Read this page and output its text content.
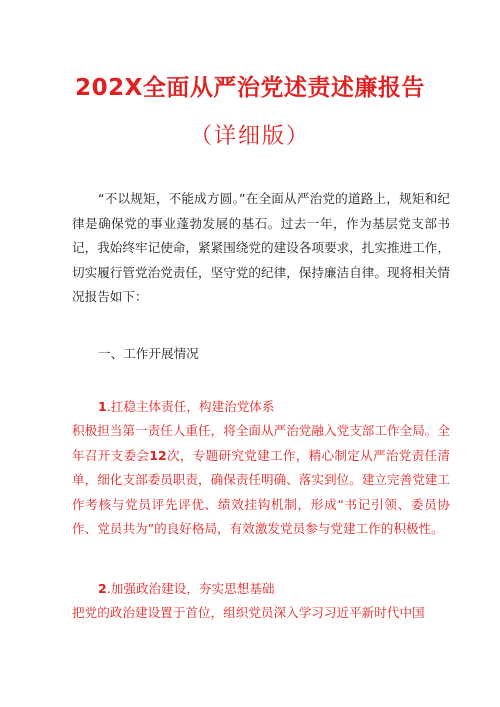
202X全面从严治党述责述廉报告
（详细版）

“不以规矩，不能成方圆。”在全面从严治党的道路上，规矩和纪律是确保党的事业蓬勃发展的基石。过去一年，作为基层党支部书记，我始终牢记使命，紧紧围绕党的建设各项要求，扎实推进工作，切实履行管党治党责任，坚守党的纪律，保持廉洁自律。现将相关情况报告如下：

一、工作开展情况

1.扛稳主体责任，构建治党体系

积极担当第一责任人重任，将全面从严治党融入党支部工作全局。全年召开支委会12次，专题研究党建工作，精心制定从严治党责任清单，细化支部委员职责，确保责任明确、落实到位。建立完善党建工作考核与党员评先评优、绩效挂钩机制，形成“书记引领、委员协作、党员共为”的良好格局，有效激发党员参与党建工作的积极性。

2.加强政治建设，夯实思想基础

把党的政治建设置于首位，组织党员深入学习习近平新时代中国
